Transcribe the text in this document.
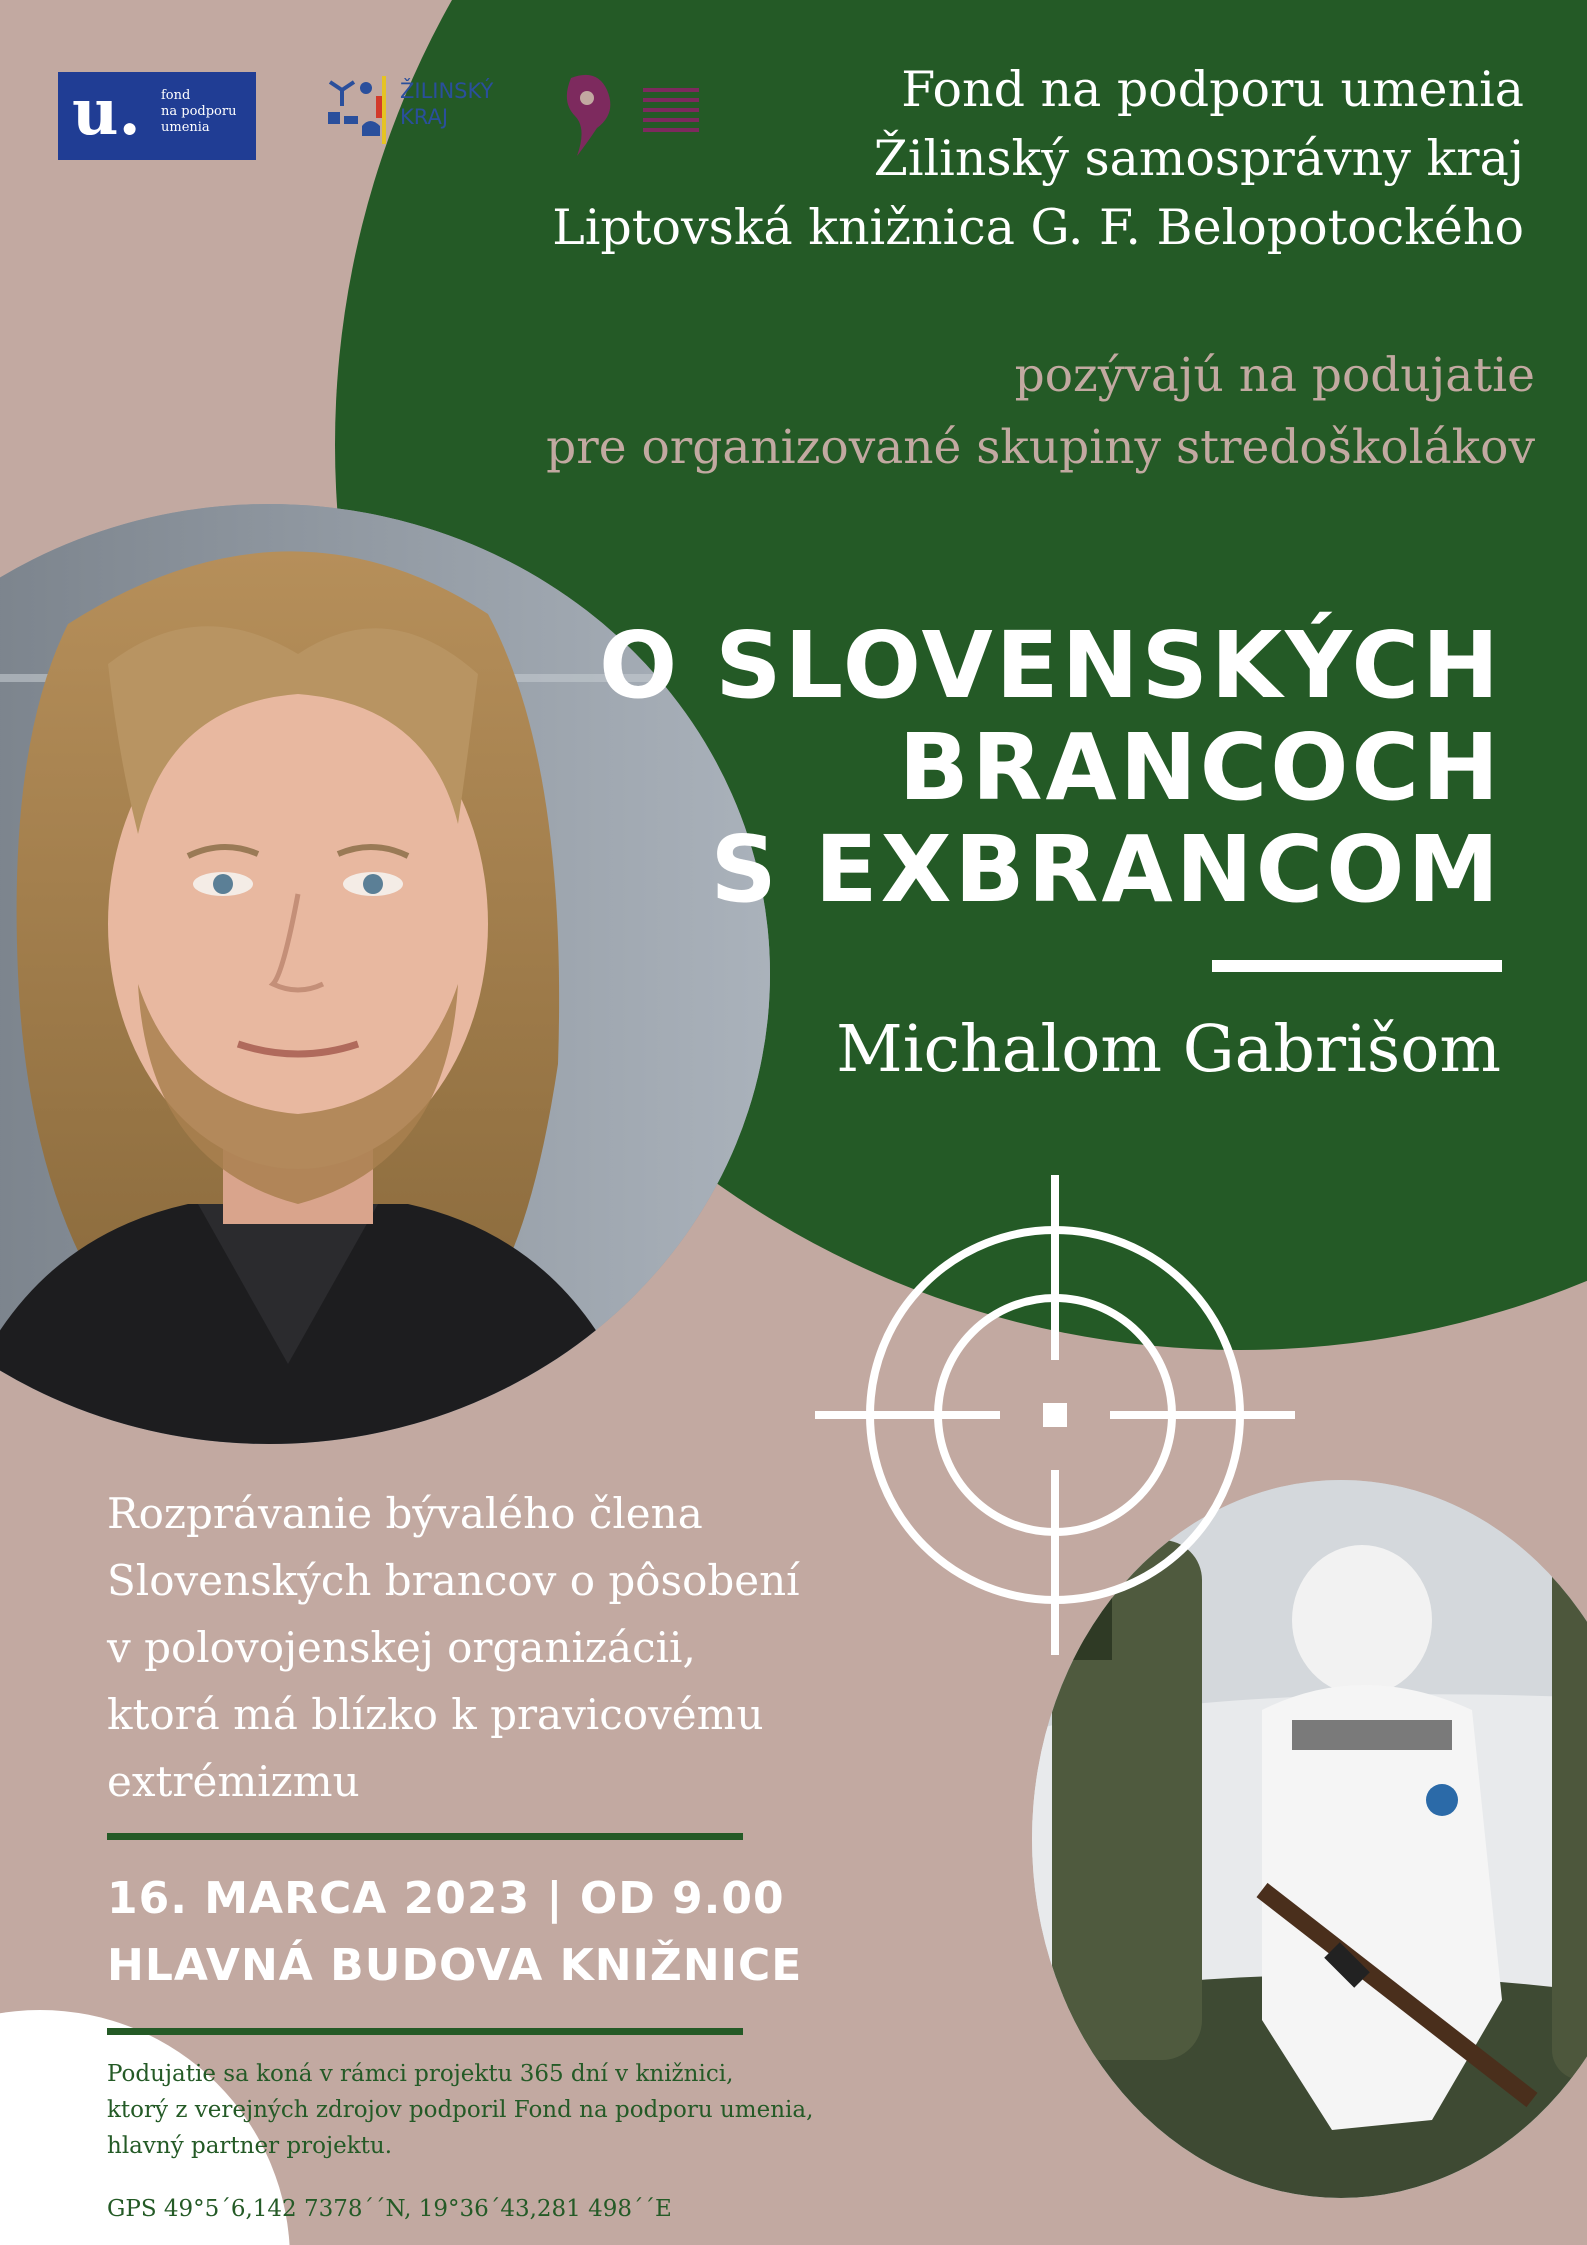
u. fond
na podporu
umenia
ŽILINSKÝ
KRAJ	Fond na podporu umenia
Žilinský samosprávny kraj
Liptovská knižnica G. F. Belopotockého
pozývajú na podujatie
pre organizované skupiny stredoškolákov
O SLOVENSKÝCH
BRANCOCH
S EXBRANCOM
Michalom Gabrišom
Rozprávanie bývalého člena
Slovenských brancov o pôsobení
v polovojenskej organizácii,
ktorá má blízko k pravicovému
extrémizmu
16. MARCA 2023 | OD 9.00
HLAVNÁ BUDOVA KNIŽNICE
Podujatie sa koná v rámci projektu 365 dní v knižnici,
ktorý z verejných zdrojov podporil Fond na podporu umenia,
hlavný partner projektu.
GPS 49°5´6,142 7378´´N, 19°36´43,281 498´´E
